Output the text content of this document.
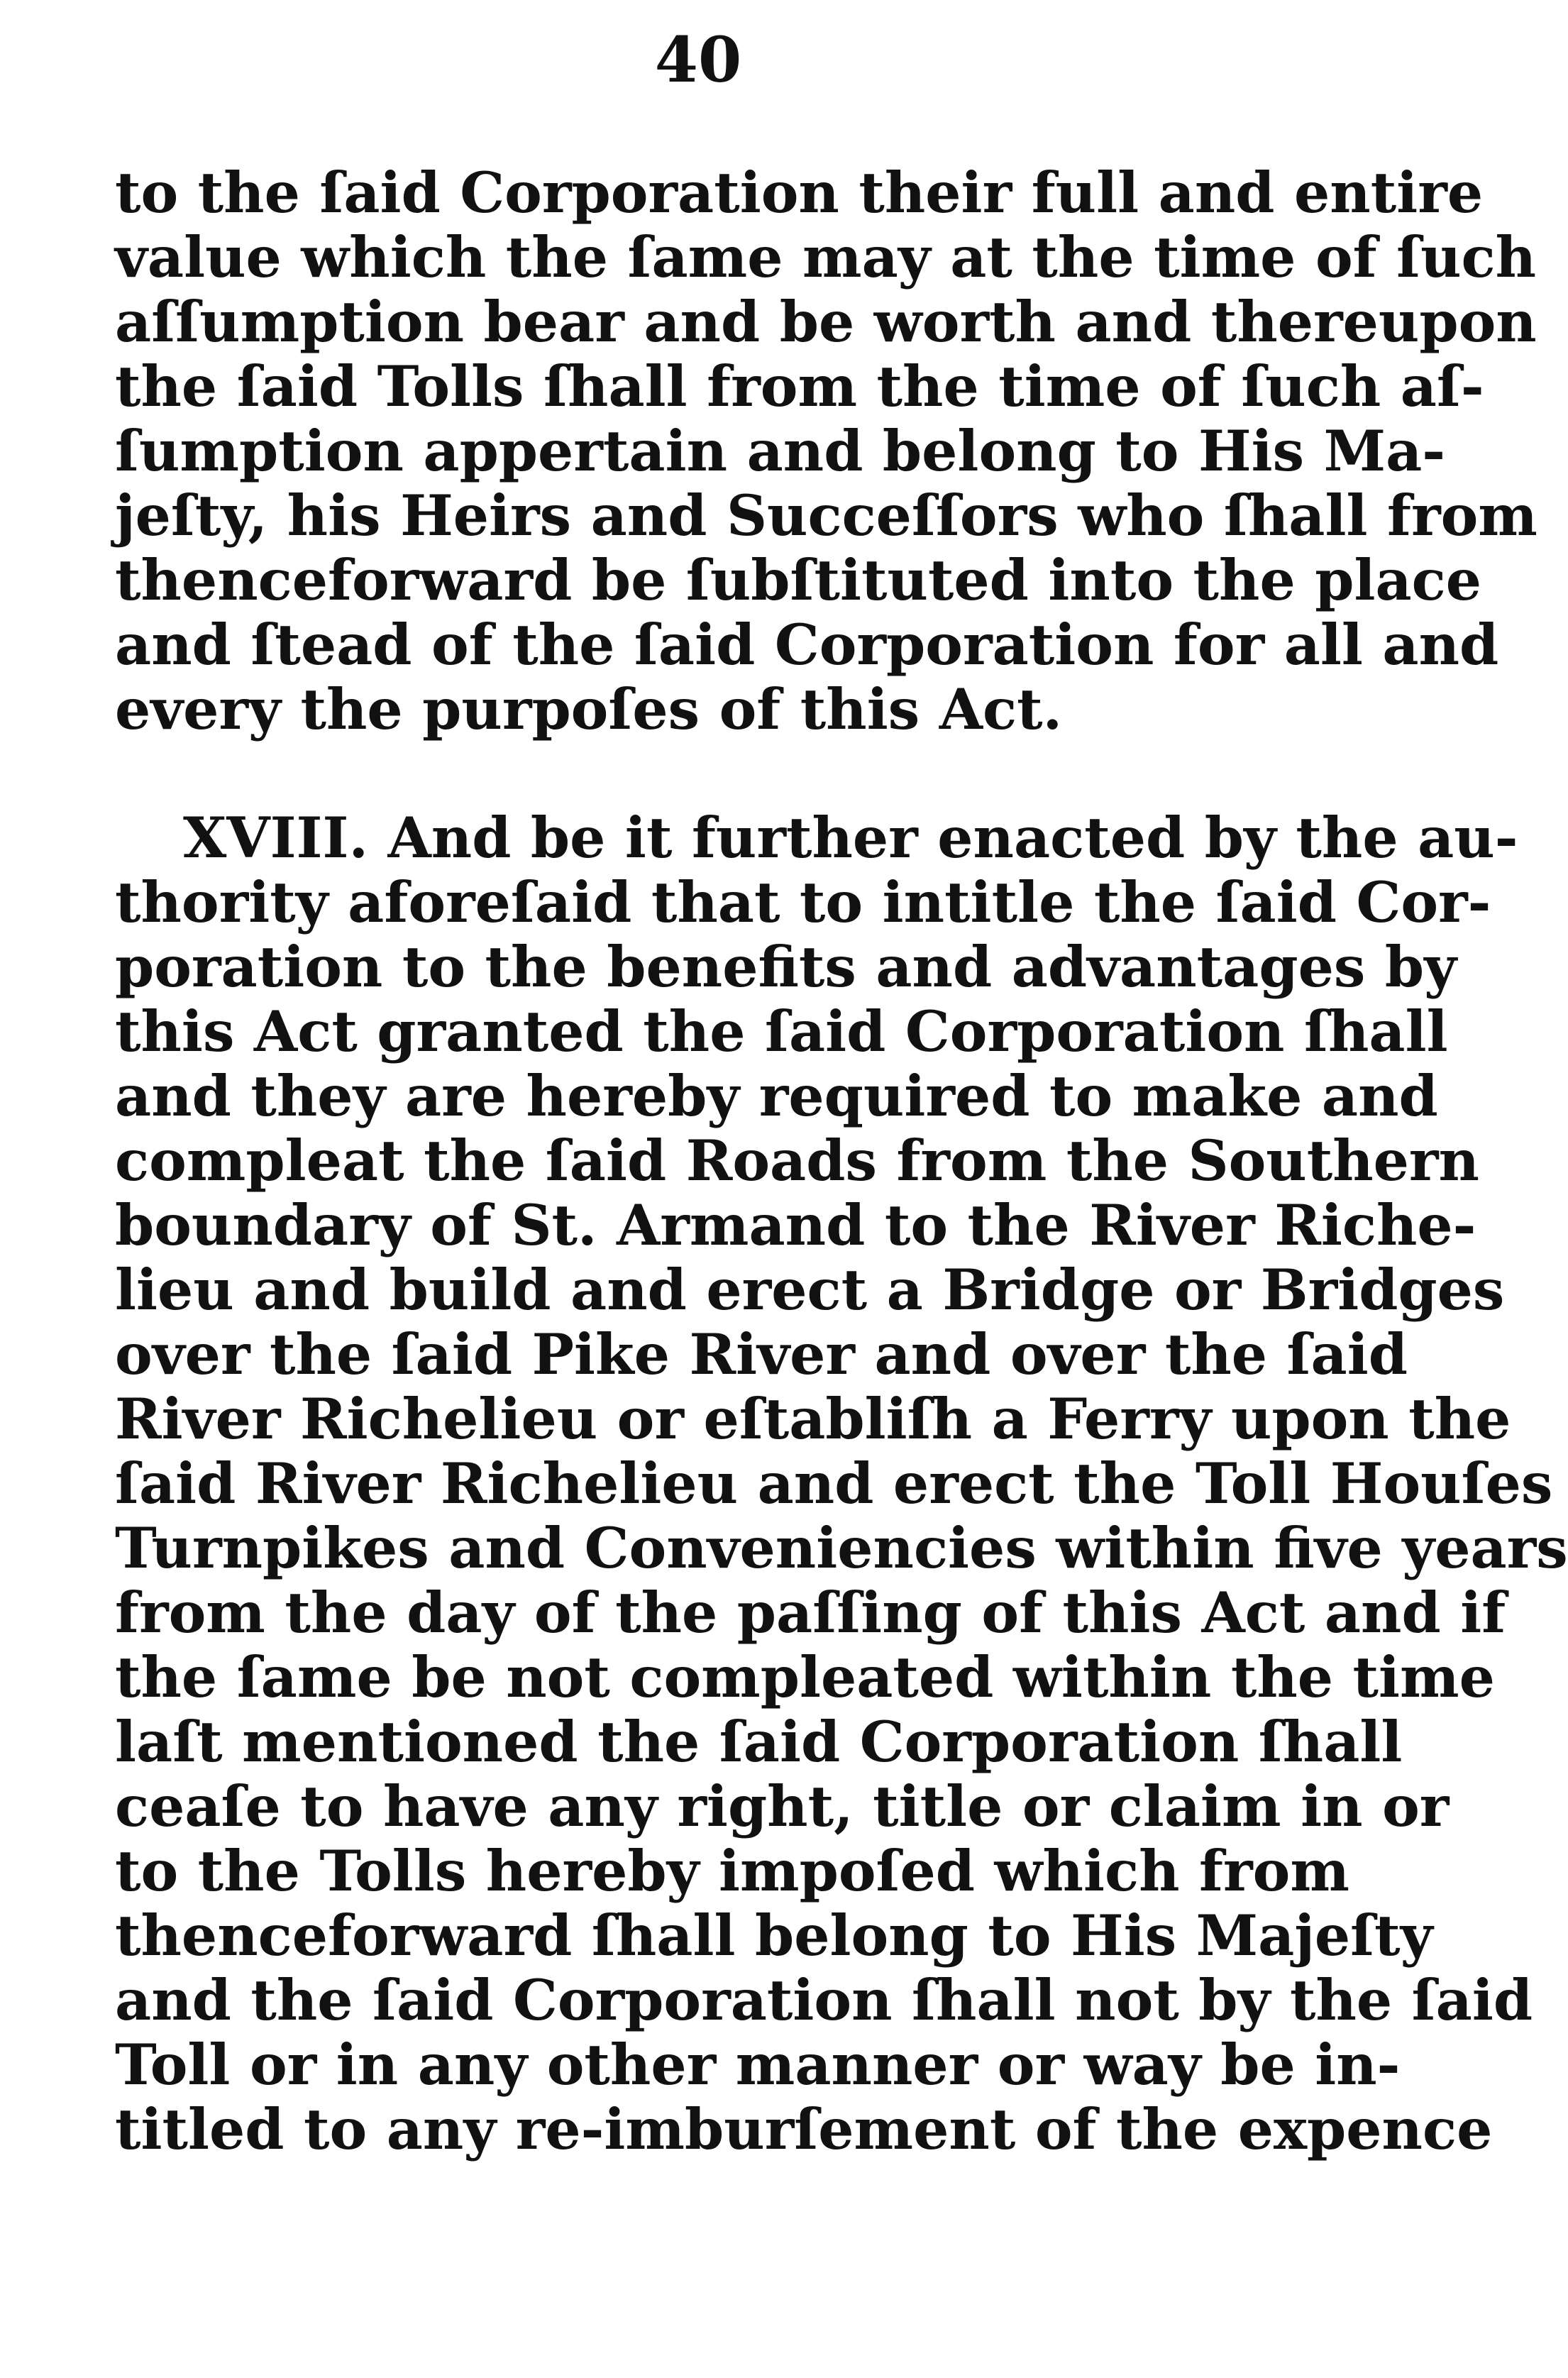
40
to the ſaid Corporation their full and entire
value which the ſame may at the time of ſuch
aſſumption bear and be worth and thereupon
the ſaid Tolls ſhall from the time of ſuch aſ-
ſumption appertain and belong to His Ma-
jeſty, his Heirs and Succeſſors who ſhall from
thenceforward be ſubſtituted into the place
and ſtead of the ſaid Corporation for all and
every the purpoſes of this Act.
XVIII. And be it further enacted by the au-
thority aforeſaid that to intitle the ſaid Cor-
poration to the benefits and advantages by
this Act granted the ſaid Corporation ſhall
and they are hereby required to make and
compleat the ſaid Roads from the Southern
boundary of St. Armand to the River Riche-
lieu and build and erect a Bridge or Bridges
over the ſaid Pike River and over the ſaid
River Richelieu or eſtabliſh a Ferry upon the
ſaid River Richelieu and erect the Toll Houſes
Turnpikes and Conveniencies within five years
from the day of the paſſing of this Act and if
the ſame be not compleated within the time
laſt mentioned the ſaid Corporation ſhall
ceaſe to have any right, title or claim in or
to the Tolls hereby impoſed which from
thenceforward ſhall belong to His Majeſty
and the ſaid Corporation ſhall not by the ſaid
Toll or in any other manner or way be in-
titled to any re-imburſement of the expence
